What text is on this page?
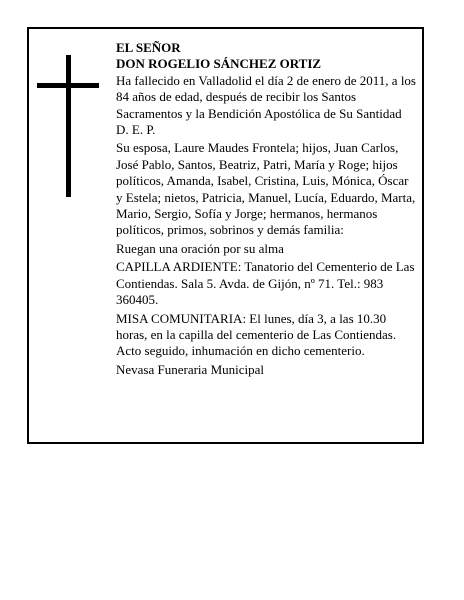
EL SEÑOR

DON ROGELIO SÁNCHEZ ORTIZ

Ha fallecido en Valladolid el día 2 de enero de 2011, a los 84 años de edad, después de recibir los Santos Sacramentos y la Bendición Apostólica de Su Santidad D. E. P.

Su esposa, Laure Maudes Frontela; hijos, Juan Carlos, José Pablo, Santos, Beatriz, Patri, María y Roge; hijos políticos, Amanda, Isabel, Cristina, Luis, Mónica, Óscar y Estela; nietos, Patricia, Manuel, Lucía, Eduardo, Marta, Mario, Sergio, Sofía y Jorge; hermanos, hermanos políticos, primos, sobrinos y demás familia:

Ruegan una oración por su alma

CAPILLA ARDIENTE: Tanatorio del Cementerio de Las Contiendas. Sala 5. Avda. de Gijón, nº 71. Tel.: 983 360405.

MISA COMUNITARIA: El lunes, día 3, a las 10.30 horas, en la capilla del cementerio de Las Contiendas. Acto seguido, inhumación en dicho cementerio.

Nevasa Funeraria Municipal
